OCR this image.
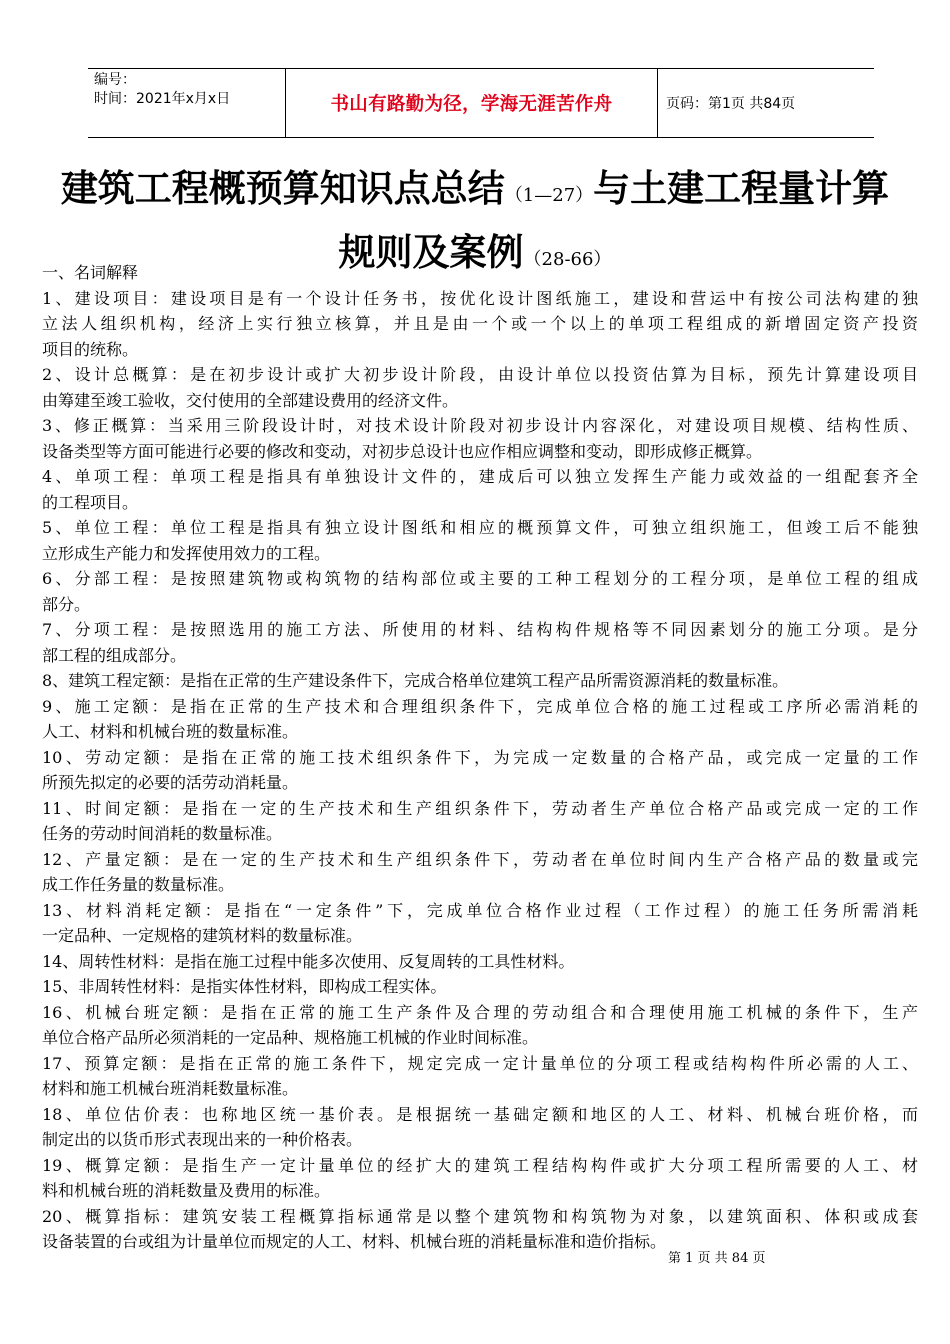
编号：
时间：2021年x月x日	书山有路勤为径，学海无涯苦作舟	页码：第1页 共84页
建筑工程概预算知识点总结（1—27）与土建工程量计算
规则及案例（28-66）
一、名词解释
1、建设项目：建设项目是有一个设计任务书，按优化设计图纸施工，建设和营运中有按公司法构建的独
立法人组织机构，经济上实行独立核算，并且是由一个或一个以上的单项工程组成的新增固定资产投资
项目的统称。
2、设计总概算：是在初步设计或扩大初步设计阶段，由设计单位以投资估算为目标，预先计算建设项目
由筹建至竣工验收，交付使用的全部建设费用的经济文件。
3、修正概算：当采用三阶段设计时，对技术设计阶段对初步设计内容深化，对建设项目规模、结构性质、
设备类型等方面可能进行必要的修改和变动，对初步总设计也应作相应调整和变动，即形成修正概算。
4、单项工程：单项工程是指具有单独设计文件的，建成后可以独立发挥生产能力或效益的一组配套齐全
的工程项目。
5、单位工程：单位工程是指具有独立设计图纸和相应的概预算文件，可独立组织施工，但竣工后不能独
立形成生产能力和发挥使用效力的工程。
6、分部工程：是按照建筑物或构筑物的结构部位或主要的工种工程划分的工程分项，是单位工程的组成
部分。
7、分项工程：是按照选用的施工方法、所使用的材料、结构构件规格等不同因素划分的施工分项。是分
部工程的组成部分。
8、建筑工程定额：是指在正常的生产建设条件下，完成合格单位建筑工程产品所需资源消耗的数量标准。
9、施工定额：是指在正常的生产技术和合理组织条件下，完成单位合格的施工过程或工序所必需消耗的
人工、材料和机械台班的数量标准。
10、劳动定额：是指在正常的施工技术组织条件下，为完成一定数量的合格产品，或完成一定量的工作
所预先拟定的必要的活劳动消耗量。
11、时间定额：是指在一定的生产技术和生产组织条件下，劳动者生产单位合格产品或完成一定的工作
任务的劳动时间消耗的数量标准。
12、产量定额：是在一定的生产技术和生产组织条件下，劳动者在单位时间内生产合格产品的数量或完
成工作任务量的数量标准。
13、材料消耗定额：是指在“一定条件”下，完成单位合格作业过程（工作过程）的施工任务所需消耗
一定品种、一定规格的建筑材料的数量标准。
14、周转性材料：是指在施工过程中能多次使用、反复周转的工具性材料。
15、非周转性材料：是指实体性材料，即构成工程实体。
16、机械台班定额：是指在正常的施工生产条件及合理的劳动组合和合理使用施工机械的条件下，生产
单位合格产品所必须消耗的一定品种、规格施工机械的作业时间标准。
17、预算定额：是指在正常的施工条件下，规定完成一定计量单位的分项工程或结构构件所必需的人工、
材料和施工机械台班消耗数量标准。
18、单位估价表：也称地区统一基价表。是根据统一基础定额和地区的人工、材料、机械台班价格，而
制定出的以货币形式表现出来的一种价格表。
19、概算定额：是指生产一定计量单位的经扩大的建筑工程结构构件或扩大分项工程所需要的人工、材
料和机械台班的消耗数量及费用的标准。
20、概算指标：建筑安装工程概算指标通常是以整个建筑物和构筑物为对象，以建筑面积、体积或成套
设备装置的台或组为计量单位而规定的人工、材料、机械台班的消耗量标准和造价指标。
第 1 页 共 84 页
